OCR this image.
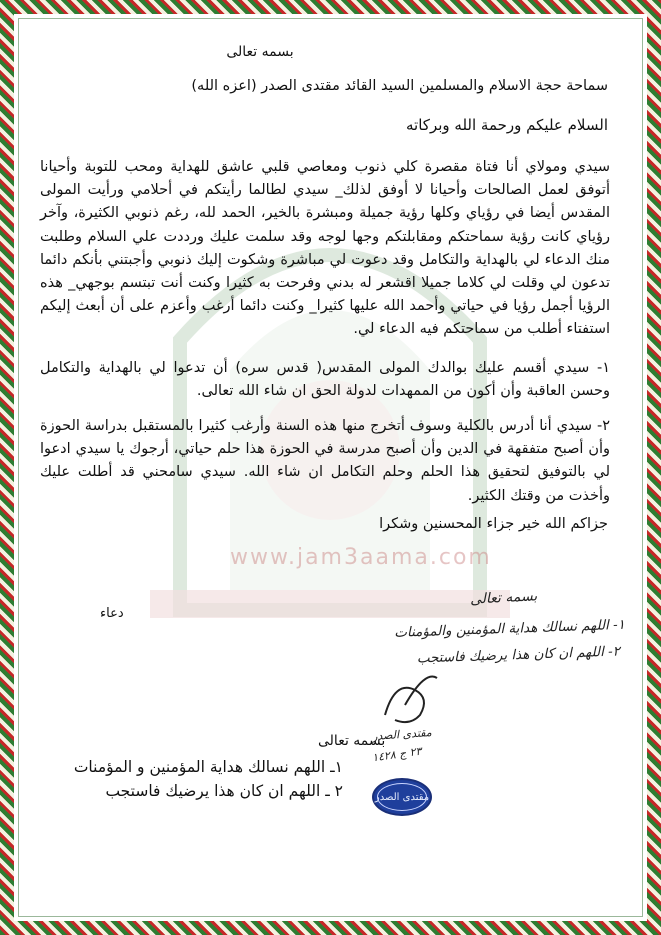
www.jam3aama.com
بسمه تعالى
سماحة حجة الاسلام والمسلمين السيد القائد مقتدى الصدر (اعزه الله)
السلام عليكم ورحمة الله وبركاته

سيدي ومولاي أنا فتاة مقصرة كلي ذنوب ومعاصي قلبي عاشق للهداية ومحب للتوبة وأحيانا أتوفق لعمل الصالحات وأحيانا لا أوفق لذلك_ سيدي لطالما رأيتكم في أحلامي ورأيت المولى المقدس أيضا في رؤياي وكلها رؤية جميلة ومبشرة بالخير، الحمد لله، رغم ذنوبي الكثيرة، وآخر رؤياي كانت رؤية سماحتكم ومقابلتكم وجها لوجه وقد سلمت عليك ورددت علي السلام وطلبت منك الدعاء لي بالهداية والتكامل وقد دعوت لي مباشرة وشكوت إليك ذنوبي وأجبتني بأنكم دائما تدعون لي وقلت لي كلاما جميلا اقشعر له بدني وفرحت به كثيرا وكنت أنت تبتسم بوجهي_ هذه الرؤيا أجمل رؤيا في حياتي وأحمد الله عليها كثيرا_ وكنت دائما أرغب وأعزم على أن أبعث إليكم استفتاء أطلب من سماحتكم فيه الدعاء لي.

١- سيدي أقسم عليك بوالدك المولى المقدس( قدس سره) أن تدعوا لي بالهداية والتكامل وحسن العاقبة وأن أكون من الممهدات لدولة الحق ان شاء الله تعالى.

٢- سيدي أنا أدرس بالكلية وسوف أتخرج منها هذه السنة وأرغب كثيرا بالمستقبل بدراسة الحوزة وأن أصبح متفقهة في الدين وأن أصبح مدرسة في الحوزة هذا حلم حياتي، أرجوك يا سيدي ادعوا لي بالتوفيق لتحقيق هذا الحلم وحلم التكامل ان شاء الله. سيدي سامحني قد أطلت عليك وأخذت من وقتك الكثير.

جزاكم الله خير جزاء المحسنين وشكرا
دعاء
بسمه تعالى
١- اللهم نسالك هداية المؤمنين والمؤمنات
٢- اللهم ان كان هذا يرضيك فاستجب
مقتدى الصدر
٢٣ ج ١٤٢٨
بسمه تعالى
١ـ اللهم نسالك هداية المؤمنين و المؤمنات
٢ ـ اللهم ان كان هذا يرضيك فاستجب	مقتدى الصدر
